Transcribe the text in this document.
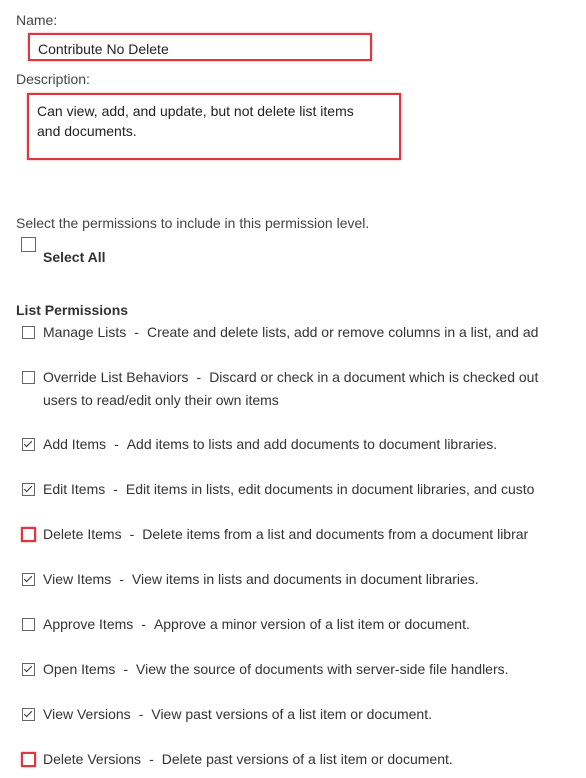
Name:
Contribute No Delete
Description:
Can view, add, and update, but not delete list items
and documents.
Select the permissions to include in this permission level.
Select All
List Permissions
Manage Lists - Create and delete lists, add or remove columns in a list, and ad
Override List Behaviors - Discard or check in a document which is checked out
users to read/edit only their own items
Add Items - Add items to lists and add documents to document libraries.
Edit Items - Edit items in lists, edit documents in document libraries, and custo
Delete Items - Delete items from a list and documents from a document librar
View Items - View items in lists and documents in document libraries.
Approve Items - Approve a minor version of a list item or document.
Open Items - View the source of documents with server-side file handlers.
View Versions - View past versions of a list item or document.
Delete Versions - Delete past versions of a list item or document.
